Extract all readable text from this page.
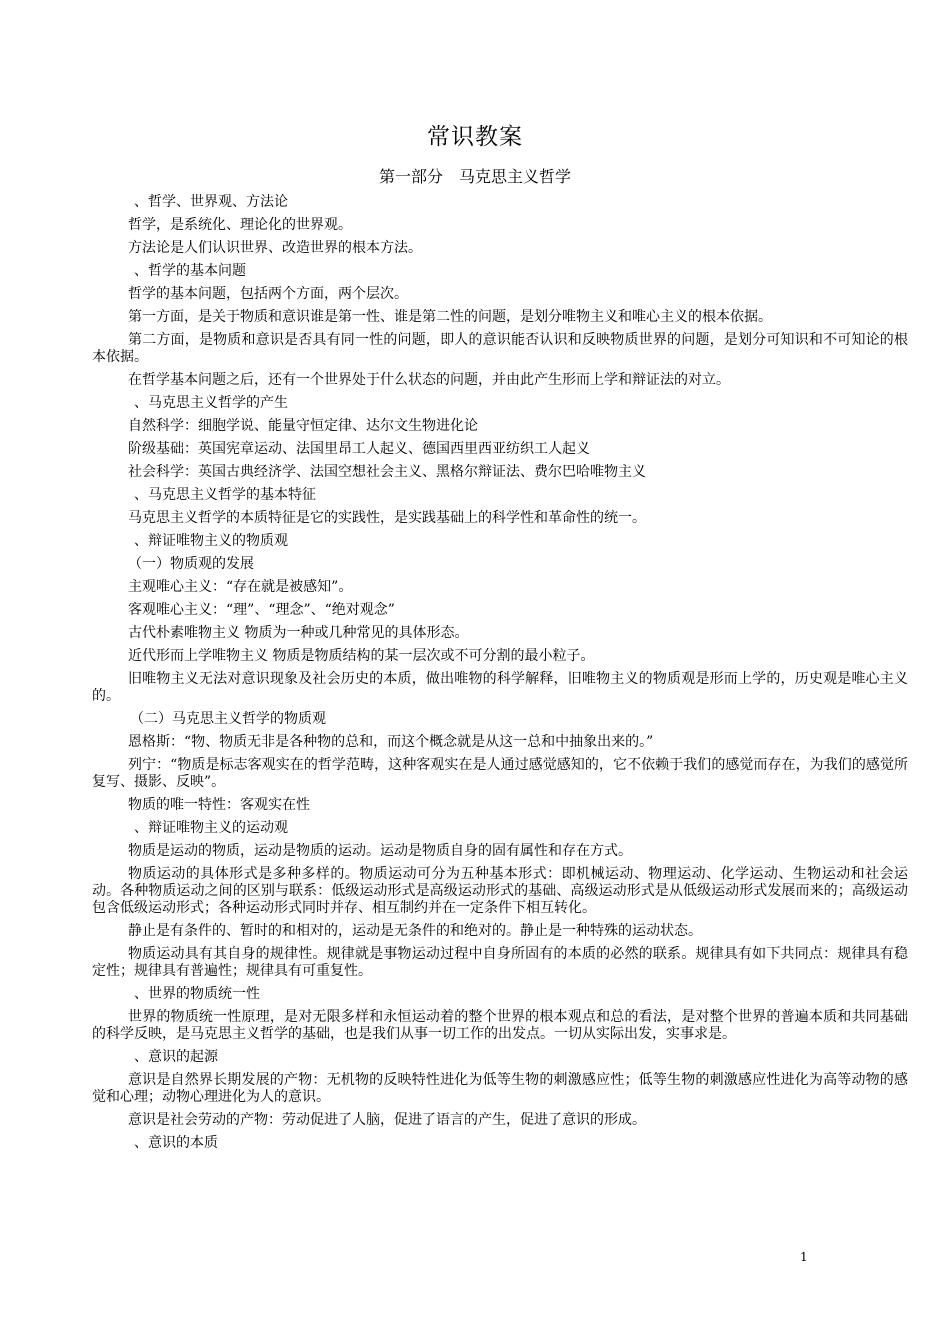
常识教案
第一部分　马克思主义哲学

、哲学、世界观、方法论

哲学，是系统化、理论化的世界观。

方法论是人们认识世界、改造世界的根本方法。

、哲学的基本问题

哲学的基本问题，包括两个方面，两个层次。

第一方面，是关于物质和意识谁是第一性、谁是第二性的问题，是划分唯物主义和唯心主义的根本依据。

第二方面，是物质和意识是否具有同一性的问题，即人的意识能否认识和反映物质世界的问题，是划分可知识和不可知论的根本依据。

在哲学基本问题之后，还有一个世界处于什么状态的问题，并由此产生形而上学和辩证法的对立。

、马克思主义哲学的产生

自然科学：细胞学说、能量守恒定律、达尔文生物进化论

阶级基础：英国宪章运动、法国里昂工人起义、德国西里西亚纺织工人起义

社会科学：英国古典经济学、法国空想社会主义、黑格尔辩证法、费尔巴哈唯物主义

、马克思主义哲学的基本特征

马克思主义哲学的本质特征是它的实践性，是实践基础上的科学性和革命性的统一。

、辩证唯物主义的物质观

（一）物质观的发展

主观唯心主义：“存在就是被感知”。

客观唯心主义：“理”、“理念”、“绝对观念”

古代朴素唯物主义 物质为一种或几种常见的具体形态。

近代形而上学唯物主义 物质是物质结构的某一层次或不可分割的最小粒子。

旧唯物主义无法对意识现象及社会历史的本质，做出唯物的科学解释，旧唯物主义的物质观是形而上学的，历史观是唯心主义的。

（二）马克思主义哲学的物质观

恩格斯：“物、物质无非是各种物的总和，而这个概念就是从这一总和中抽象出来的。”

列宁：“物质是标志客观实在的哲学范畴，这种客观实在是人通过感觉感知的，它不依赖于我们的感觉而存在，为我们的感觉所复写、摄影、反映”。

物质的唯一特性：客观实在性

、辩证唯物主义的运动观

物质是运动的物质，运动是物质的运动。运动是物质自身的固有属性和存在方式。

物质运动的具体形式是多种多样的。物质运动可分为五种基本形式：即机械运动、物理运动、化学运动、生物运动和社会运动。各种物质运动之间的区别与联系：低级运动形式是高级运动形式的基础、高级运动形式是从低级运动形式发展而来的；高级运动包含低级运动形式；各种运动形式同时并存、相互制约并在一定条件下相互转化。

静止是有条件的、暂时的和相对的，运动是无条件的和绝对的。静止是一种特殊的运动状态。

物质运动具有其自身的规律性。规律就是事物运动过程中自身所固有的本质的必然的联系。规律具有如下共同点：规律具有稳定性；规律具有普遍性；规律具有可重复性。

、世界的物质统一性

世界的物质统一性原理，是对无限多样和永恒运动着的整个世界的根本观点和总的看法，是对整个世界的普遍本质和共同基础的科学反映，是马克思主义哲学的基础，也是我们从事一切工作的出发点。一切从实际出发，实事求是。

、意识的起源

意识是自然界长期发展的产物：无机物的反映特性进化为低等生物的刺激感应性；低等生物的刺激感应性进化为高等动物的感觉和心理；动物心理进化为人的意识。

意识是社会劳动的产物：劳动促进了人脑，促进了语言的产生，促进了意识的形成。

、意识的本质

1
